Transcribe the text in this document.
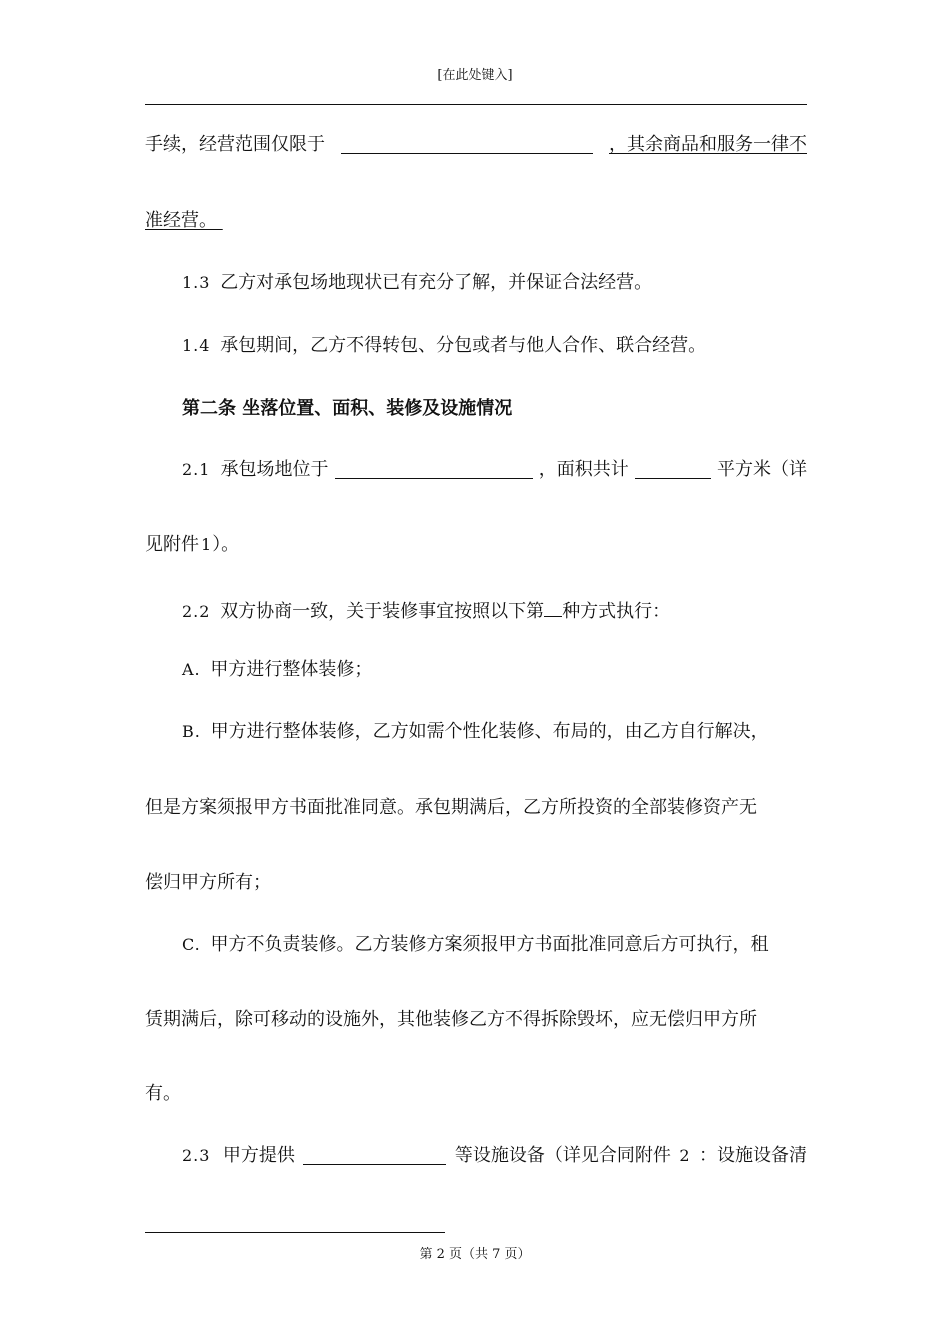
[在此处键入]
手续，经营范围仅限于	，其余商品和服务一律不
准经营。
1.3 乙方对承包场地现状已有充分了解，并保证合法经营。
1.4 承包期间，乙方不得转包、分包或者与他人合作、联合经营。
第二条 坐落位置、面积、装修及设施情况
2.1 承包场地位于	，面积共计	平方米（详
见附件 1）。
2.2 双方协商一致，关于装修事宜按照以下第 种方式执行：
A. 甲方进行整体装修；
B. 甲方进行整体装修，乙方如需个性化装修、布局的，由乙方自行解决，
但是方案须报甲方书面批准同意。承包期满后，乙方所投资的全部装修资产无
偿归甲方所有；
C. 甲方不负责装修。乙方装修方案须报甲方书面批准同意后方可执行，租
赁期满后，除可移动的设施外，其他装修乙方不得拆除毁坏，应无偿归甲方所
有。
2.3 甲方提供	等设施设备（详见合同附件 2 ：设施设备清
第 2 页（共 7 页）
